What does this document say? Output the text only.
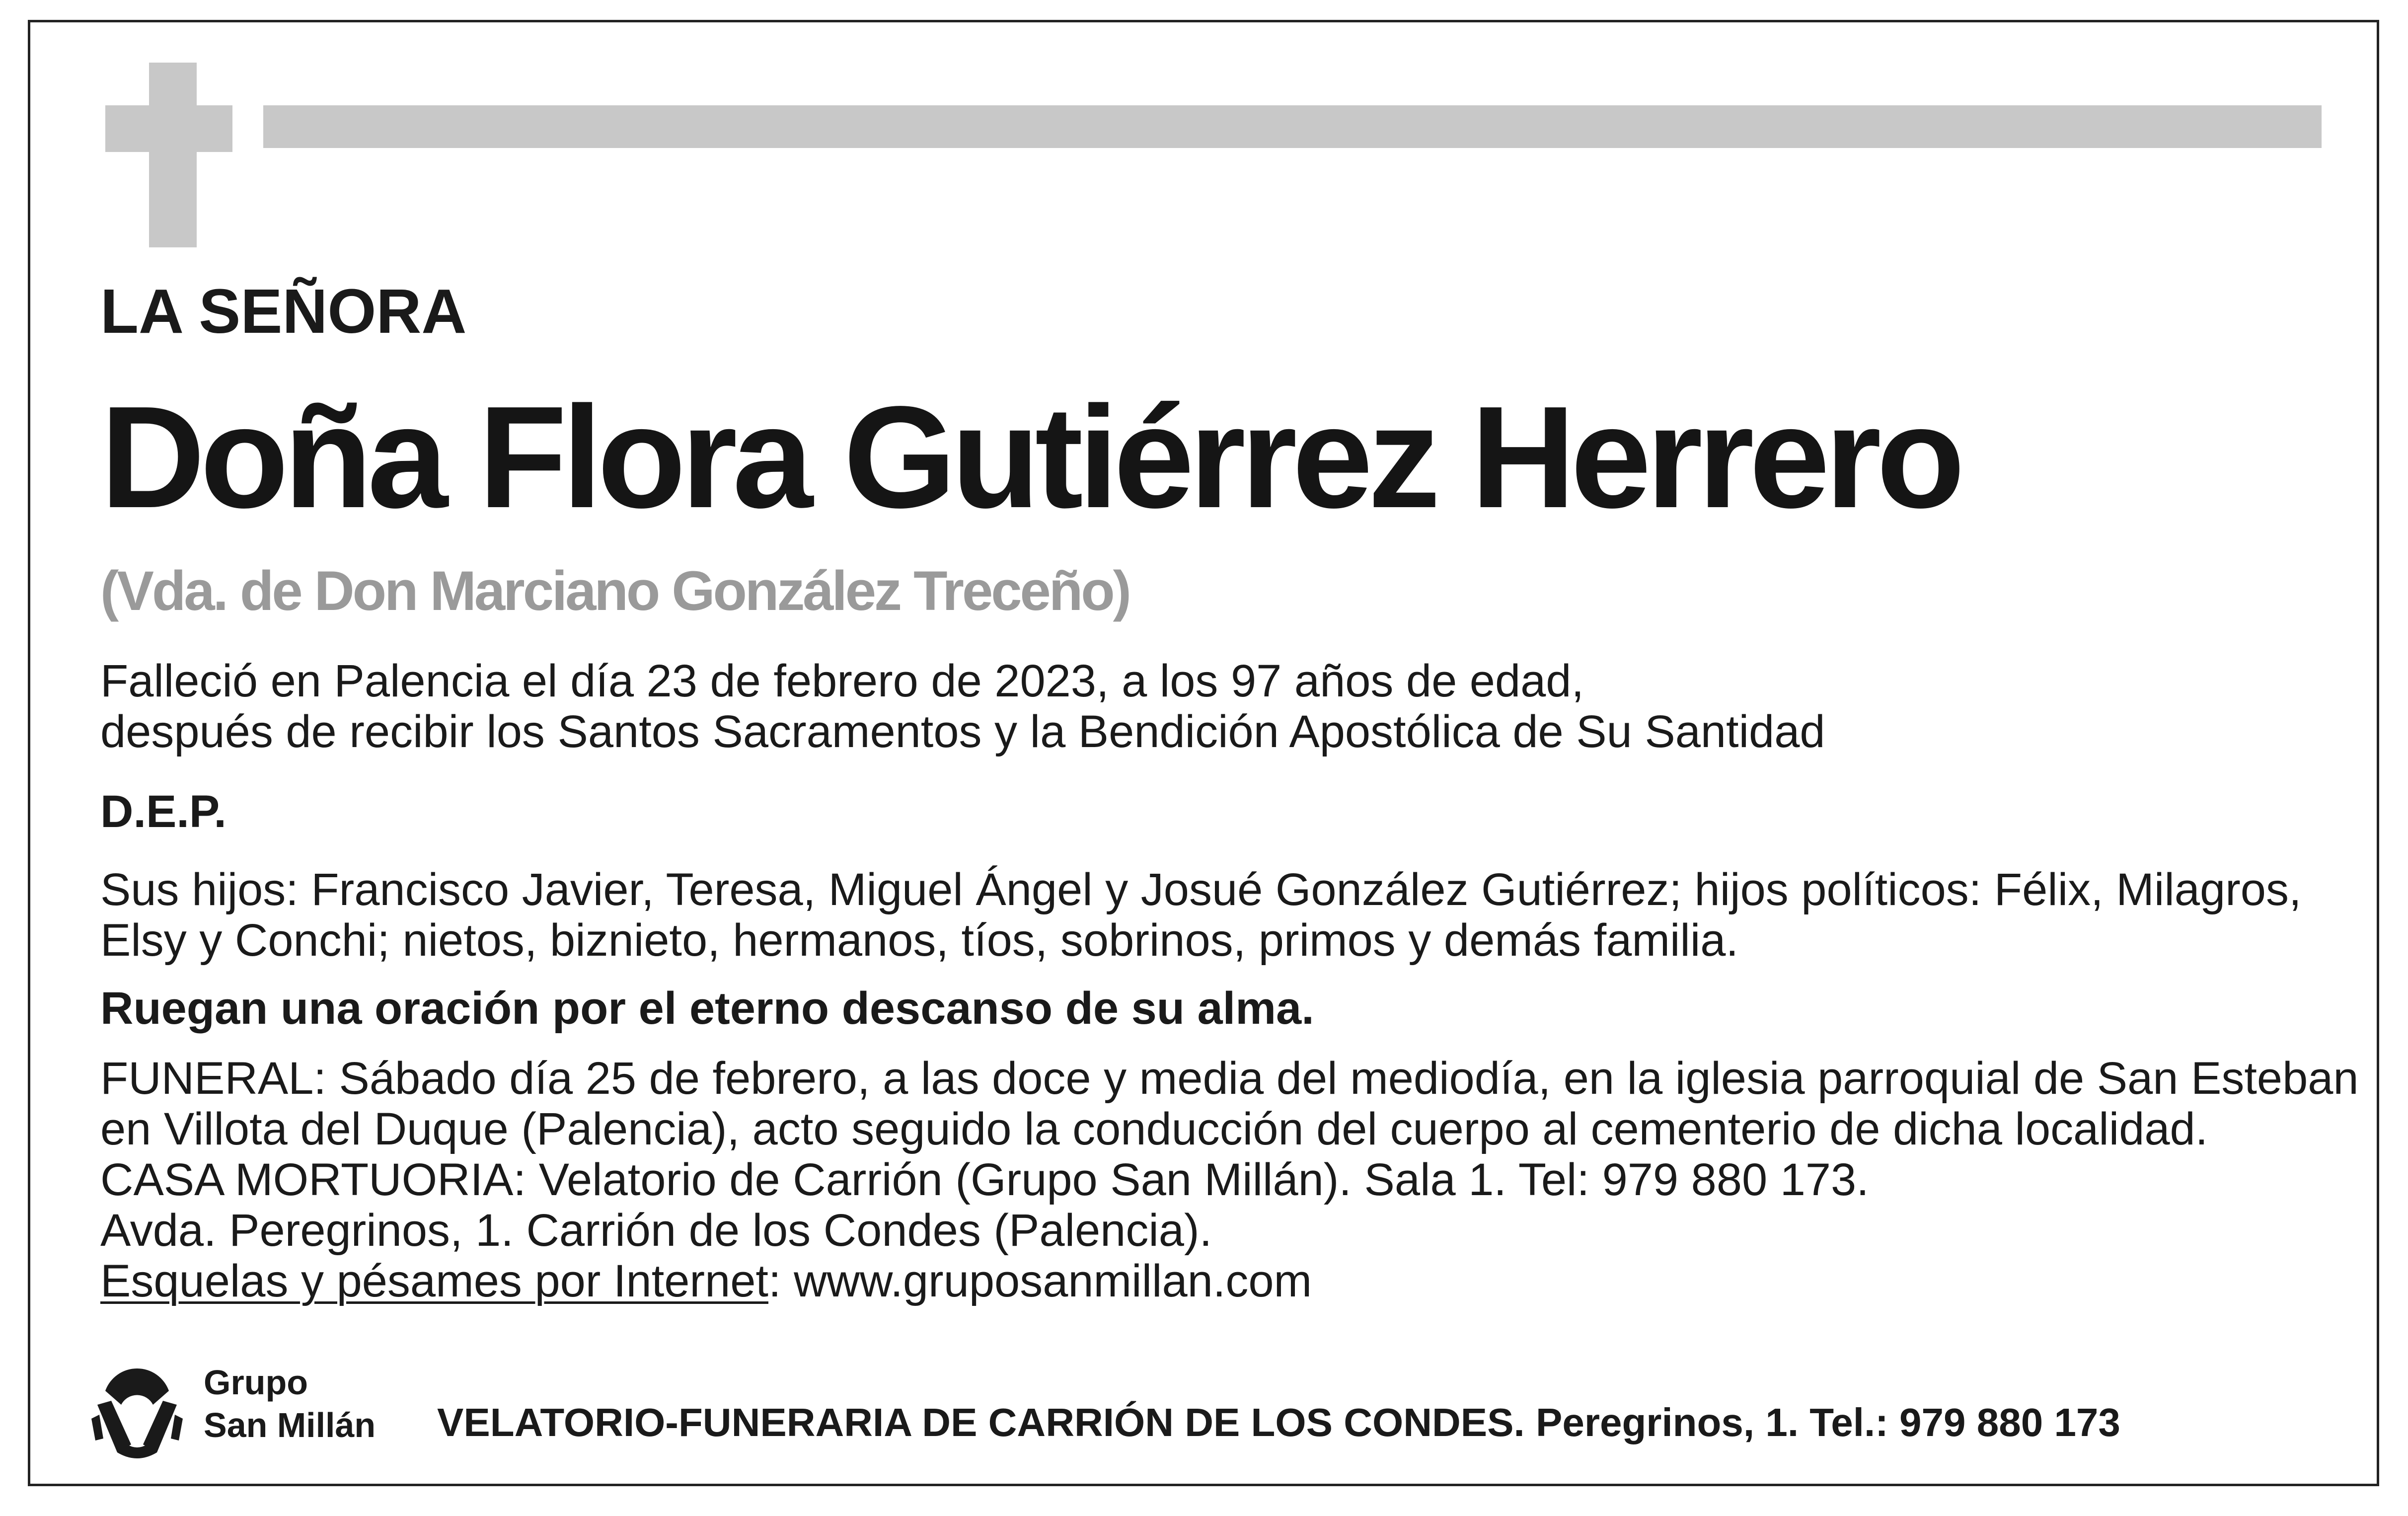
LA SEÑORA
Doña Flora Gutiérrez Herrero
(Vda. de Don Marciano González Treceño)
Falleció en Palencia el día 23 de febrero de 2023, a los 97 años de edad,
después de recibir los Santos Sacramentos y la Bendición Apostólica de Su Santidad
D.E.P.
Sus hijos: Francisco Javier, Teresa, Miguel Ángel y Josué González Gutiérrez; hijos políticos: Félix, Milagros,
Elsy y Conchi; nietos, biznieto, hermanos, tíos, sobrinos, primos y demás familia.
Ruegan una oración por el eterno descanso de su alma.
FUNERAL: Sábado día 25 de febrero, a las doce y media del mediodía, en la iglesia parroquial de San Esteban
en Villota del Duque (Palencia), acto seguido la conducción del cuerpo al cementerio de dicha localidad.
CASA MORTUORIA: Velatorio de Carrión (Grupo San Millán). Sala 1. Tel: 979 880 173.
Avda. Peregrinos, 1. Carrión de los Condes (Palencia).
Esquelas y pésames por Internet: www.gruposanmillan.com
Grupo
San Millán VELATORIO-FUNERARIA DE CARRIÓN DE LOS CONDES. Peregrinos, 1. Tel.: 979 880 173
